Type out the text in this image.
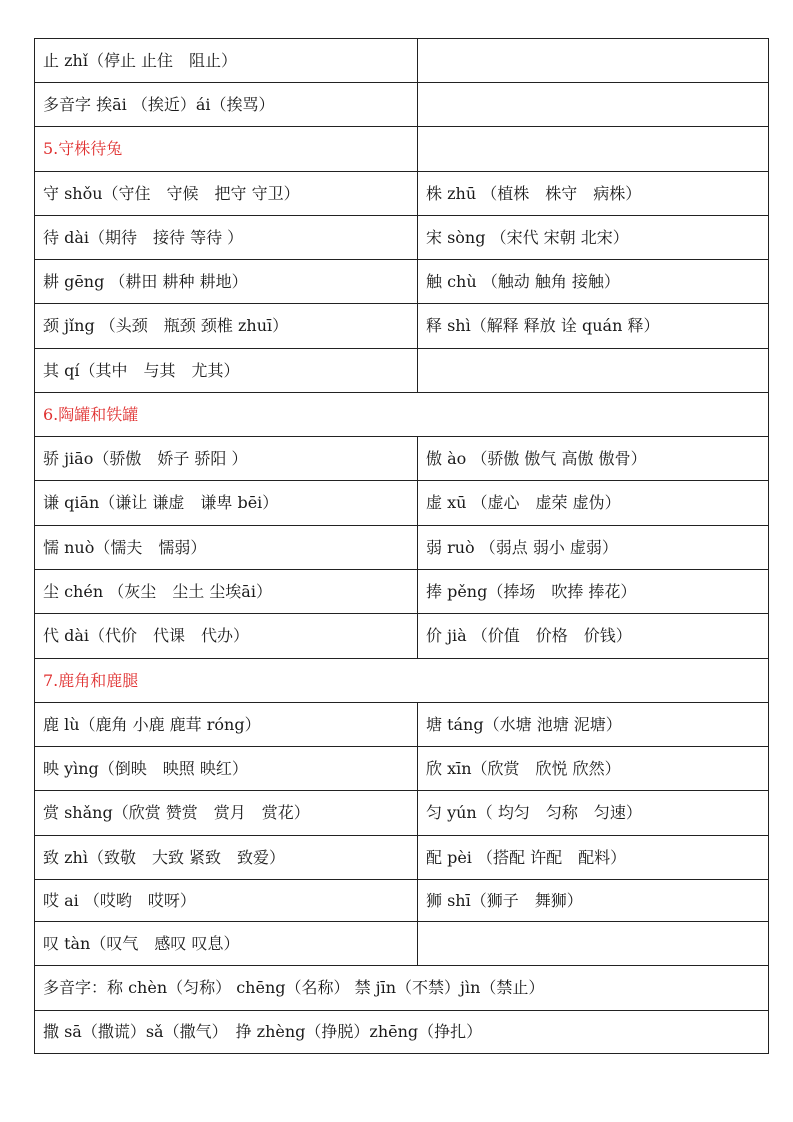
止 zhǐ（停止 止住　阻止）	
多音字 挨āi （挨近）ái（挨骂）	
5.守株待兔	
守 shǒu（守住　守候　把守 守卫）	株 zhū （植株　株守　病株）
待 dài（期待　接待 等待 ）	宋 sòng （宋代 宋朝 北宋）
耕 gēng （耕田 耕种 耕地）	触 chù （触动 触角 接触）
颈 jǐng （头颈　瓶颈 颈椎 zhuī）	释 shì（解释 释放 诠 quán 释）
其 qí（其中　与其　尤其）	
6.陶罐和铁罐	
骄 jiāo（骄傲　娇子 骄阳 ）	傲 ào （骄傲 傲气 高傲 傲骨）
谦 qiān（谦让 谦虚　谦卑 bēi）	虚 xū （虚心　虚荣 虚伪）
懦 nuò（懦夫　懦弱）	弱 ruò （弱点 弱小 虚弱）
尘 chén （灰尘　尘土 尘埃āi）	捧 pěng（捧场　吹捧 捧花）
代 dài（代价　代课　代办）	价 jià （价值　价格　价钱）
7.鹿角和鹿腿	
鹿 lù（鹿角 小鹿 鹿茸 róng）	塘 táng（水塘 池塘 泥塘）
映 yìng（倒映　映照 映红）	欣 xīn（欣赏　欣悦 欣然）
赏 shǎng（欣赏 赞赏　赏月　赏花）	匀 yún（ 均匀　匀称　匀速）
致 zhì（致敬　大致 紧致　致爱）	配 pèi （搭配 许配　配料）
哎 ai （哎哟　哎呀）	狮 shī（狮子　舞狮）
叹 tàn（叹气　感叹 叹息）	
多音字：称 chèn（匀称） chēng（名称） 禁 jīn（不禁）jìn（禁止）	
撒 sā（撒谎）sǎ（撒气）　挣 zhèng（挣脱）zhēng（挣扎）	
